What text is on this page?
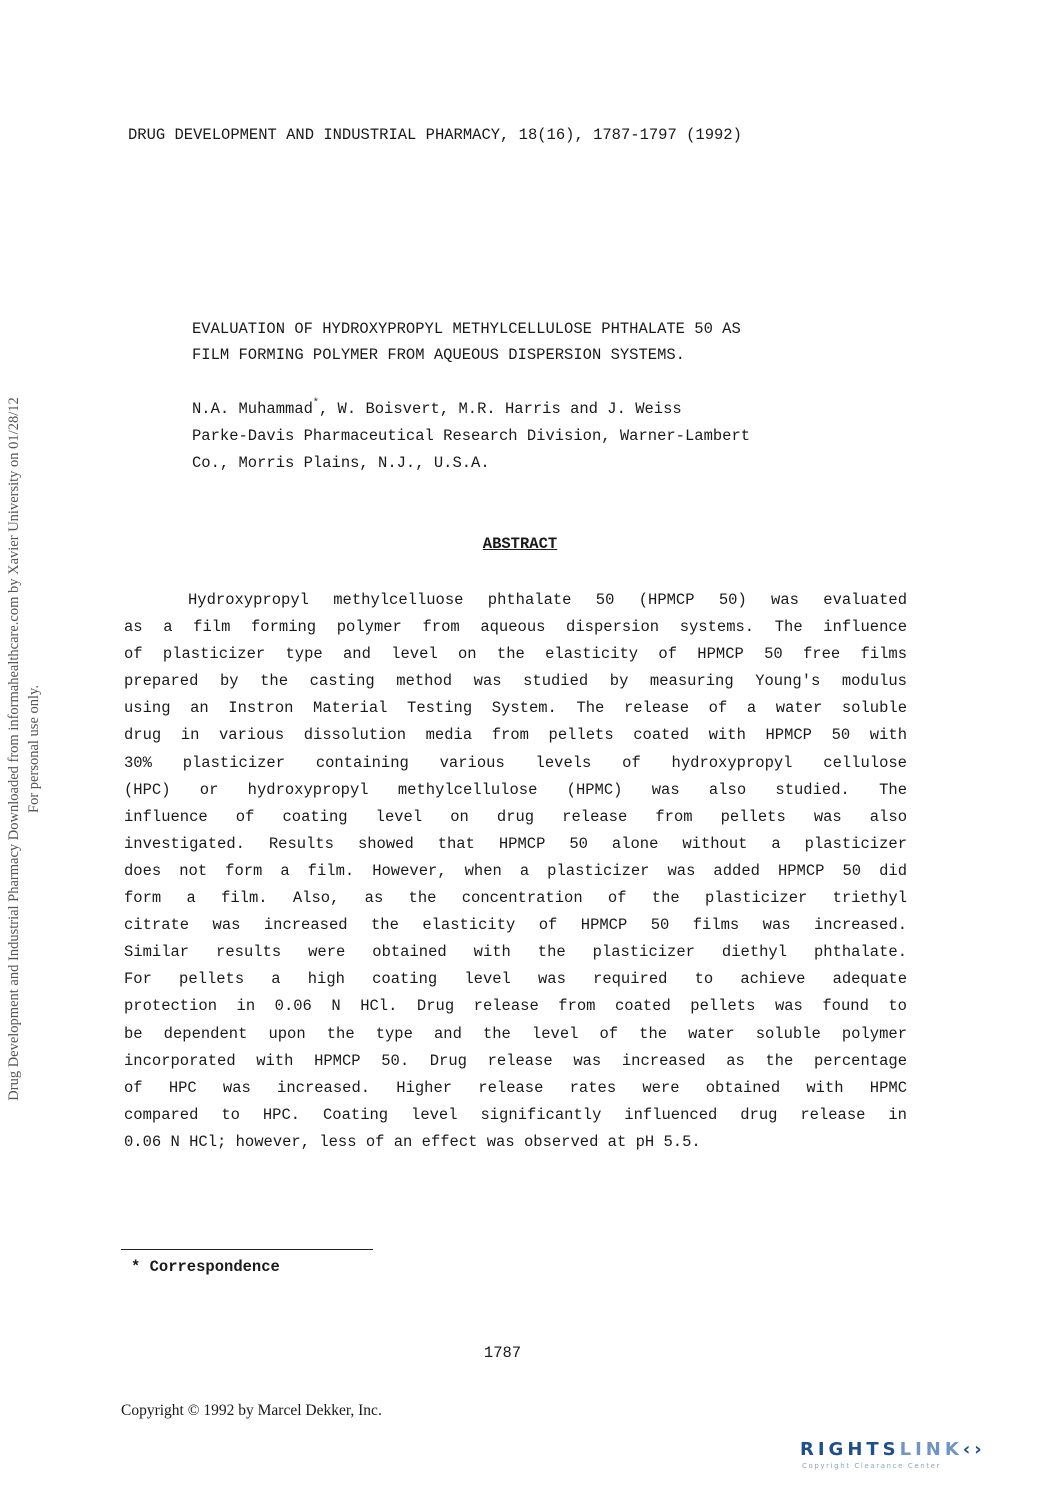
DRUG DEVELOPMENT AND INDUSTRIAL PHARMACY, 18(16), 1787-1797 (1992)
EVALUATION OF HYDROXYPROPYL METHYLCELLULOSE PHTHALATE 50 AS
FILM FORMING POLYMER FROM AQUEOUS DISPERSION SYSTEMS.
N.A. Muhammad*, W. Boisvert, M.R. Harris and J. Weiss
Parke-Davis Pharmaceutical Research Division, Warner-Lambert
Co., Morris Plains, N.J., U.S.A.
ABSTRACT
Hydroxypropyl methylcelluose phthalate 50 (HPMCP 50) was evaluated
as a film forming polymer from aqueous dispersion systems. The influence
of plasticizer type and level on the elasticity of HPMCP 50 free films
prepared by the casting method was studied by measuring Young's modulus
using an Instron Material Testing System. The release of a water soluble
drug in various dissolution media from pellets coated with HPMCP 50 with
30% plasticizer containing various levels of hydroxypropyl cellulose
(HPC) or hydroxypropyl methylcellulose (HPMC) was also studied. The
influence of coating level on drug release from pellets was also
investigated. Results showed that HPMCP 50 alone without a plasticizer
does not form a film. However, when a plasticizer was added HPMCP 50 did
form a film. Also, as the concentration of the plasticizer triethyl
citrate was increased the elasticity of HPMCP 50 films was increased.
Similar results were obtained with the plasticizer diethyl phthalate.
For pellets a high coating level was required to achieve adequate
protection in 0.06 N HCl. Drug release from coated pellets was found to
be dependent upon the type and the level of the water soluble polymer
incorporated with HPMCP 50. Drug release was increased as the percentage
of HPC was increased. Higher release rates were obtained with HPMC
compared to HPC. Coating level significantly influenced drug release in
0.06 N HCl; however, less of an effect was observed at pH 5.5.
* Correspondence
1787
Copyright © 1992 by Marcel Dekker, Inc.
Drug Development and Industrial Pharmacy Downloaded from informahealthcare.com by Xavier University on 01/28/12 For personal use only.
RIGHTSLINK‹›
Copyright Clearance Center
